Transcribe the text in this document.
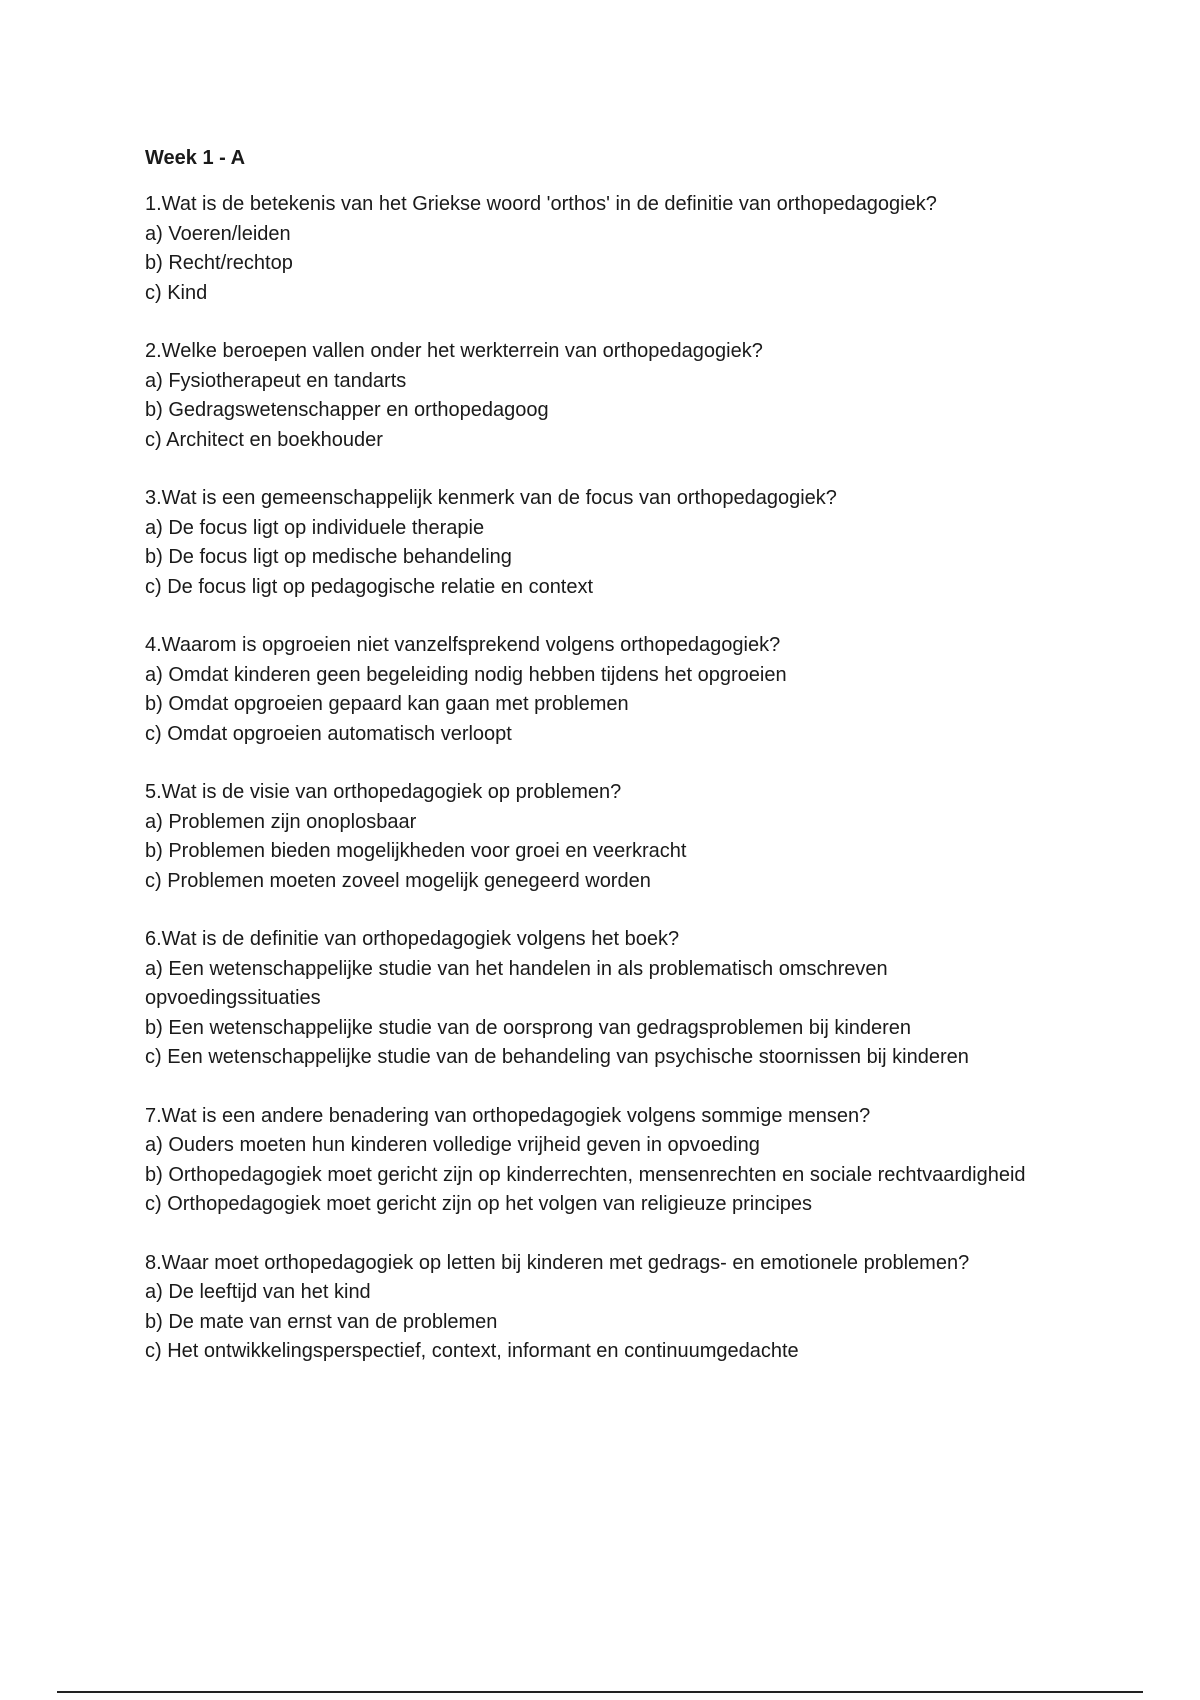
Week 1 - A

1.Wat is de betekenis van het Griekse woord 'orthos' in de definitie van orthopedagogiek?

a) Voeren/leiden

b) Recht/rechtop

c) Kind

2.Welke beroepen vallen onder het werkterrein van orthopedagogiek?

a) Fysiotherapeut en tandarts

b) Gedragswetenschapper en orthopedagoog

c) Architect en boekhouder

3.Wat is een gemeenschappelijk kenmerk van de focus van orthopedagogiek?

a) De focus ligt op individuele therapie

b) De focus ligt op medische behandeling

c) De focus ligt op pedagogische relatie en context

4.Waarom is opgroeien niet vanzelfsprekend volgens orthopedagogiek?

a) Omdat kinderen geen begeleiding nodig hebben tijdens het opgroeien

b) Omdat opgroeien gepaard kan gaan met problemen

c) Omdat opgroeien automatisch verloopt

5.Wat is de visie van orthopedagogiek op problemen?

a) Problemen zijn onoplosbaar

b) Problemen bieden mogelijkheden voor groei en veerkracht

c) Problemen moeten zoveel mogelijk genegeerd worden

6.Wat is de definitie van orthopedagogiek volgens het boek?

a) Een wetenschappelijke studie van het handelen in als problematisch omschreven opvoedingssituaties

b) Een wetenschappelijke studie van de oorsprong van gedragsproblemen bij kinderen

c) Een wetenschappelijke studie van de behandeling van psychische stoornissen bij kinderen

7.Wat is een andere benadering van orthopedagogiek volgens sommige mensen?

a) Ouders moeten hun kinderen volledige vrijheid geven in opvoeding

b) Orthopedagogiek moet gericht zijn op kinderrechten, mensenrechten en sociale rechtvaardigheid

c) Orthopedagogiek moet gericht zijn op het volgen van religieuze principes

8.Waar moet orthopedagogiek op letten bij kinderen met gedrags- en emotionele problemen?

a) De leeftijd van het kind

b) De mate van ernst van de problemen

c) Het ontwikkelingsperspectief, context, informant en continuumgedachte
